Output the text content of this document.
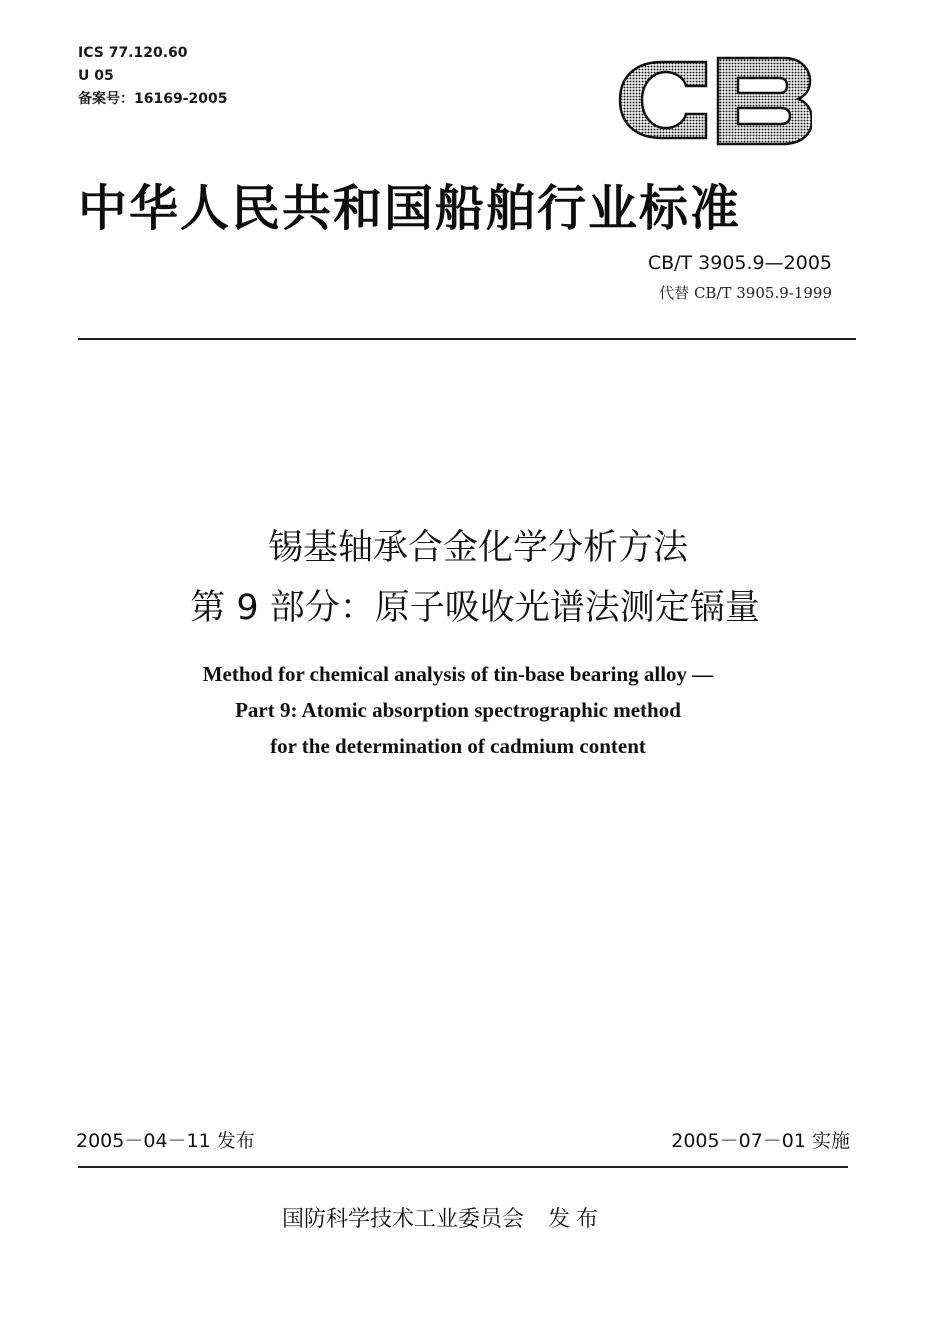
ICS 77.120.60
U 05
备案号：16169-2005
中华人民共和国船舶行业标准
CB/T 3905.9—2005
代替 CB/T 3905.9-1999
锡基轴承合金化学分析方法
第 9 部分：原子吸收光谱法测定镉量
Method for chemical analysis of tin-base bearing alloy —
Part 9: Atomic absorption spectrographic method
for the determination of cadmium content
2005－04－11 发布	2005－07－01 实施
国防科学技术工业委员会 发布
